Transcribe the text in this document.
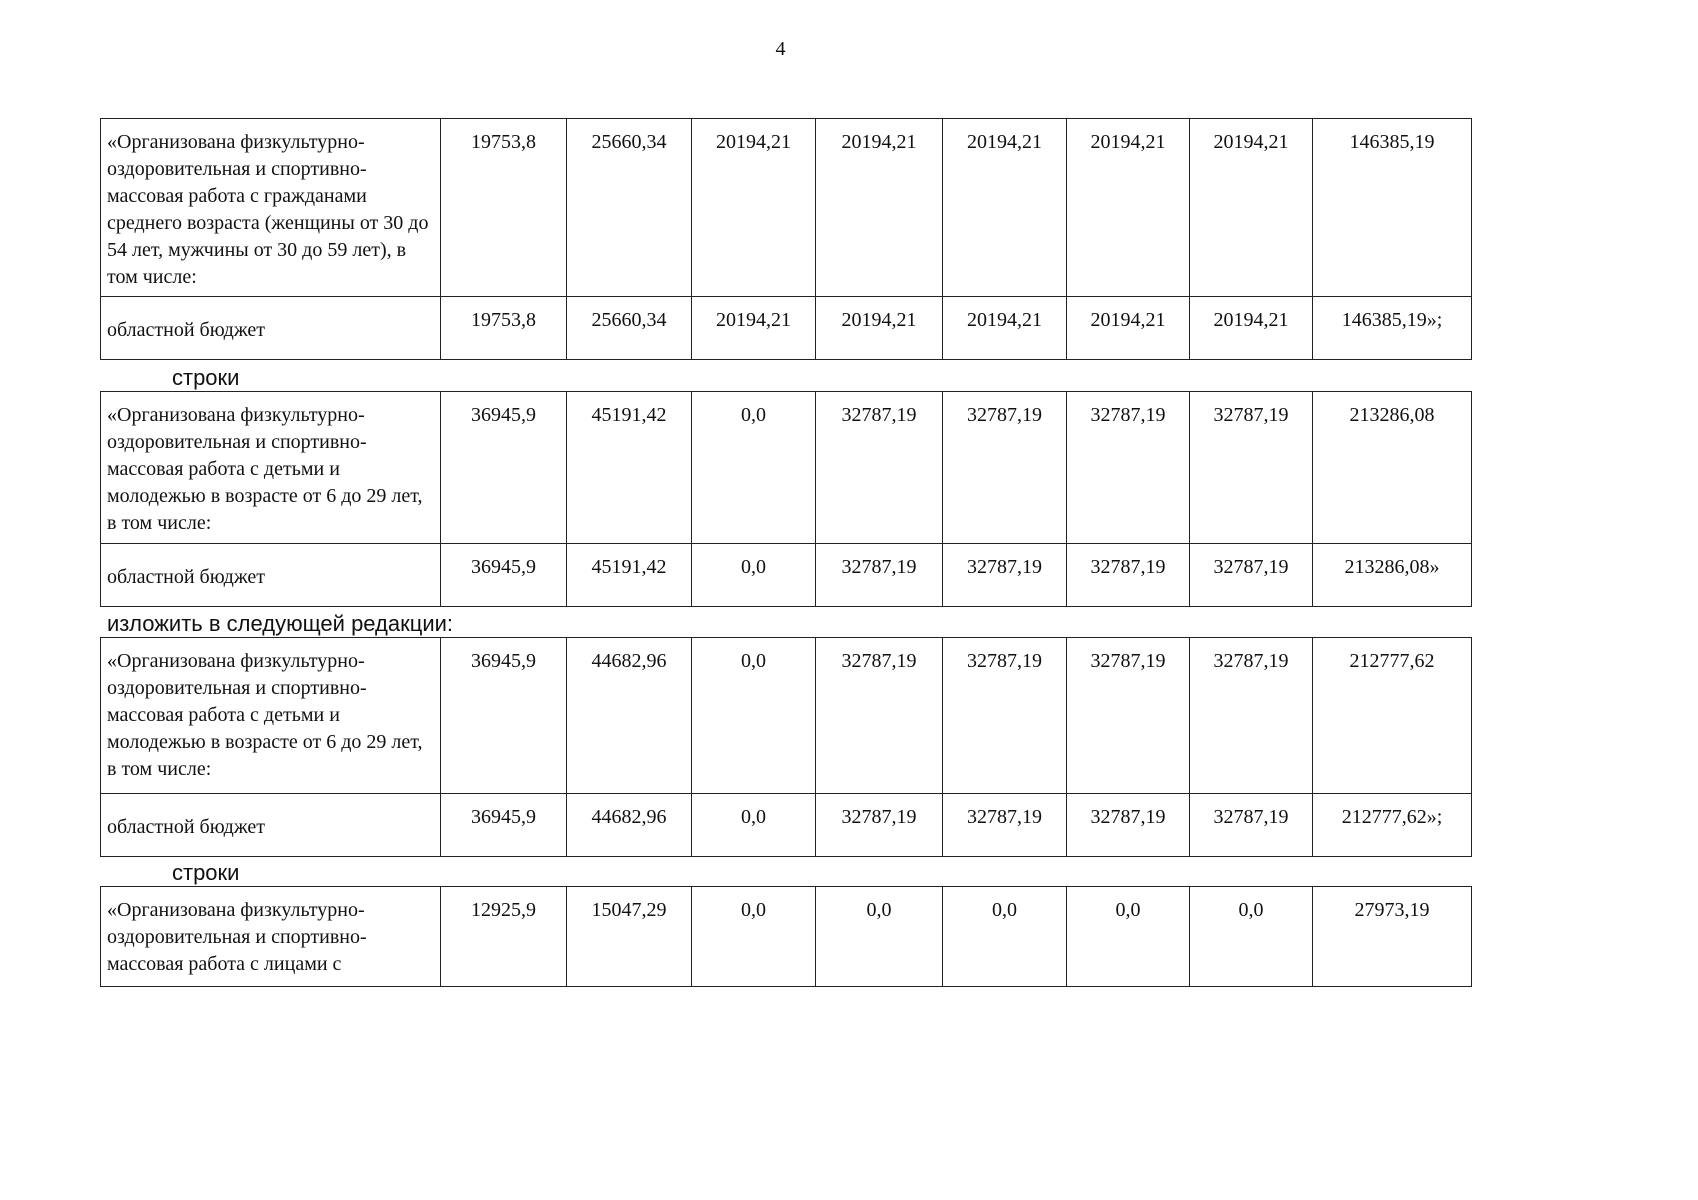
4
«Организована физкультурно-оздоровительная и спортивно-массовая работа с гражданами среднего возраста (женщины от 30 до 54 лет, мужчины от 30 до 59 лет), в том числе:	19753,8	25660,34	20194,21	20194,21	20194,21	20194,21	20194,21	146385,19
областной бюджет	19753,8	25660,34	20194,21	20194,21	20194,21	20194,21	20194,21	146385,19»;
строки
«Организована физкультурно-оздоровительная и спортивно-массовая работа с детьми и молодежью в возрасте от 6 до 29 лет, в том числе:	36945,9	45191,42	0,0	32787,19	32787,19	32787,19	32787,19	213286,08
областной бюджет	36945,9	45191,42	0,0	32787,19	32787,19	32787,19	32787,19	213286,08»
изложить в следующей редакции:
«Организована физкультурно-оздоровительная и спортивно-массовая работа с детьми и молодежью в возрасте от 6 до 29 лет, в том числе:	36945,9	44682,96	0,0	32787,19	32787,19	32787,19	32787,19	212777,62
областной бюджет	36945,9	44682,96	0,0	32787,19	32787,19	32787,19	32787,19	212777,62»;
строки
«Организована физкультурно-оздоровительная и спортивно-массовая работа с лицами с	12925,9	15047,29	0,0	0,0	0,0	0,0	0,0	27973,19
